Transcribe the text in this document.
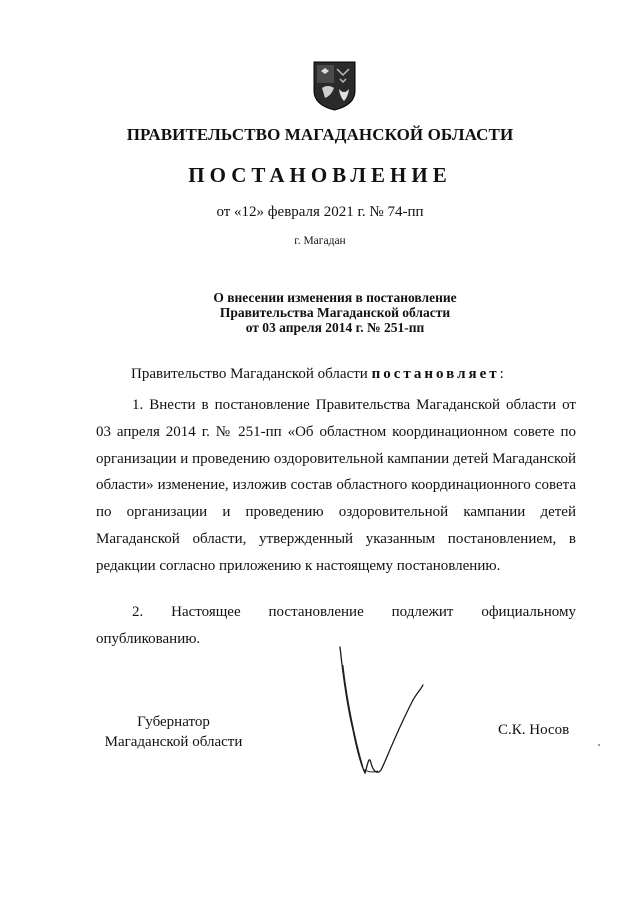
ПРАВИТЕЛЬСТВО МАГАДАНСКОЙ ОБЛАСТИ
ПОСТАНОВЛЕНИЕ
от «12» февраля 2021 г. № 74-пп
г. Магадан
О внесении изменения в постановление
Правительства Магаданской области
от 03 апреля 2014 г. № 251-пп
Правительство Магаданской области постановляет:
1. Внести в постановление Правительства Магаданской области от 03 апреля 2014 г. № 251-пп «Об областном координационном совете по организации и проведению оздоровительной кампании детей Магаданской области» изменение, изложив состав областного координационного совета по организации и проведению оздоровительной кампании детей Магаданской области, утвержденный указанным постановлением, в редакции согласно приложению к настоящему постановлению.
2. Настоящее постановление подлежит официальному опубликованию.
Губернатор
Магаданской области
С.К. Носов
